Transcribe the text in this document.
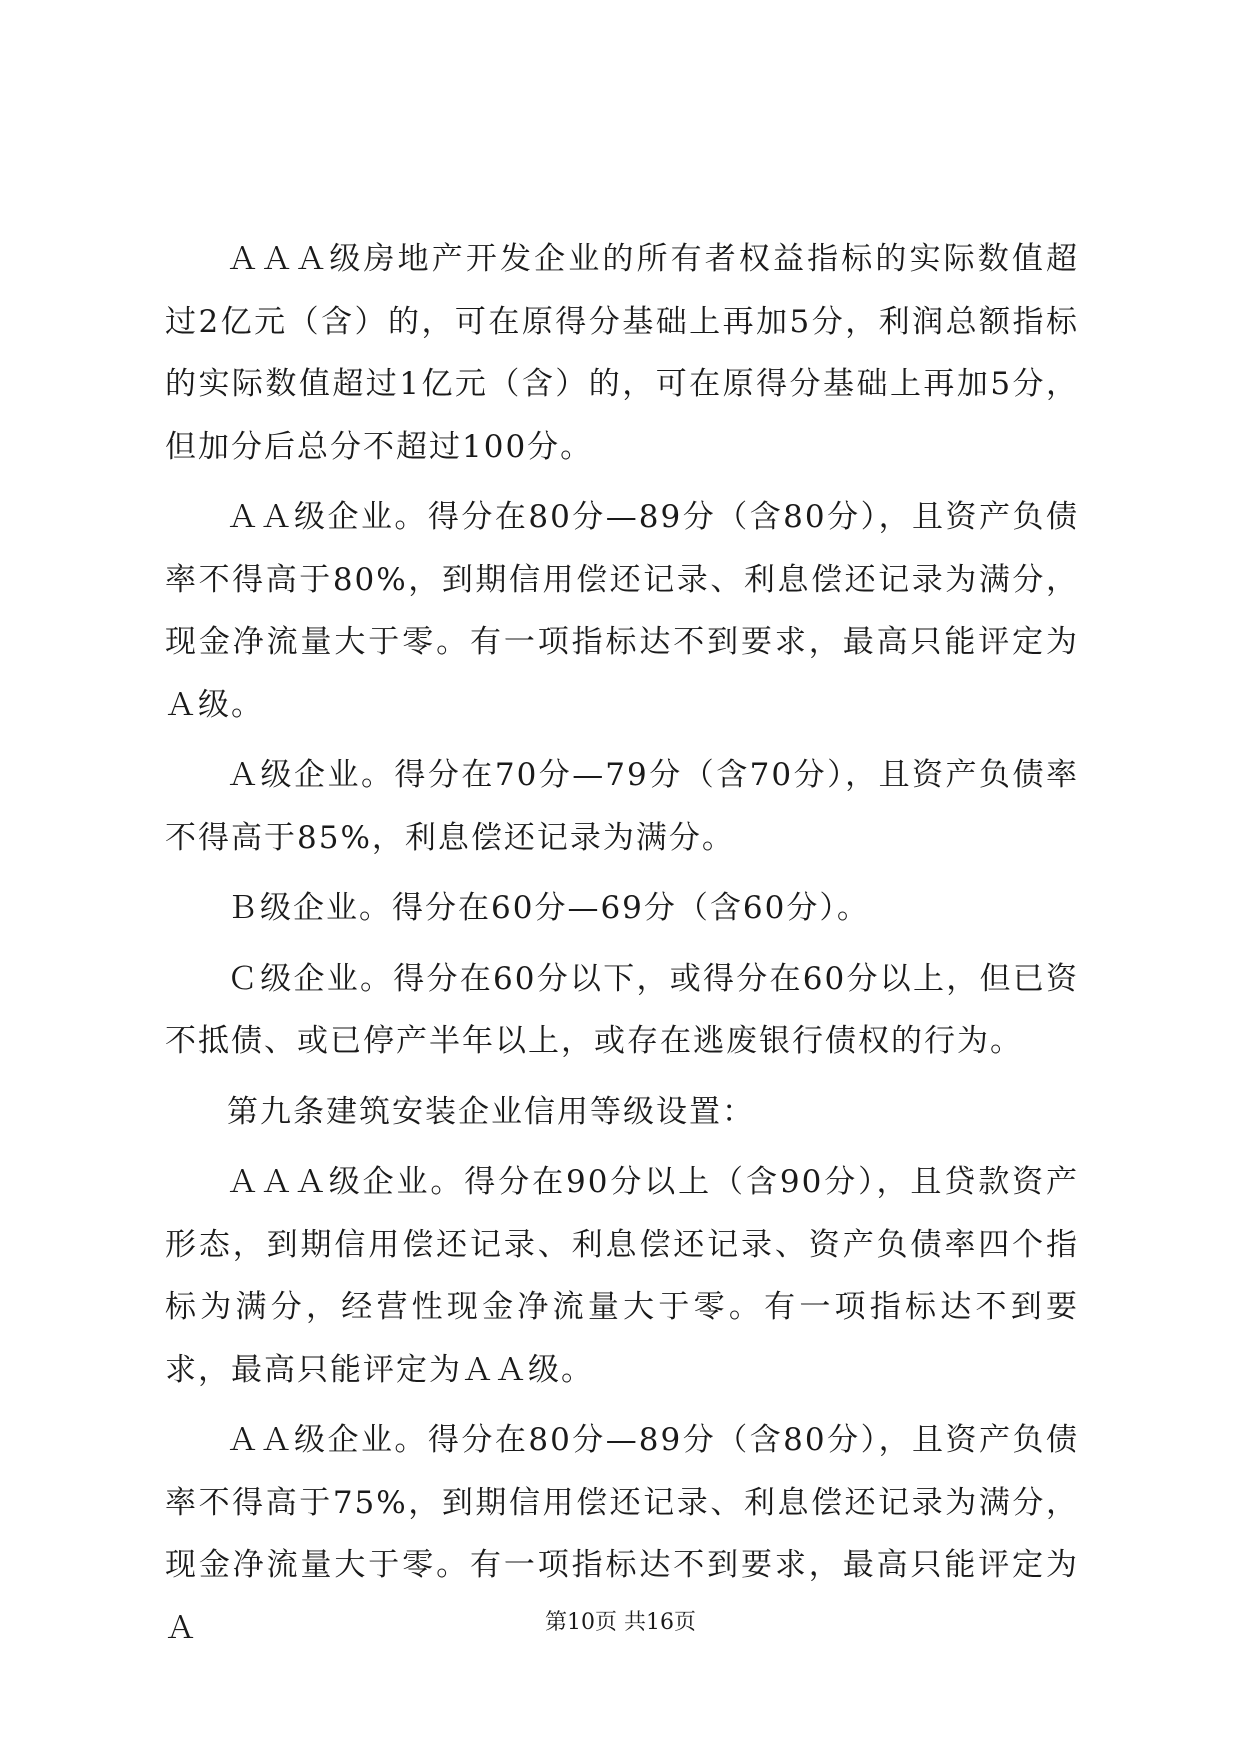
ＡＡＡ级房地产开发企业的所有者权益指标的实际数值超过2亿元（含）的，可在原得分基础上再加5分，利润总额指标的实际数值超过1亿元（含）的，可在原得分基础上再加5分，但加分后总分不超过100分。

ＡＡ级企业。得分在80分—89分（含80分），且资产负债率不得高于80%，到期信用偿还记录、利息偿还记录为满分，现金净流量大于零。有一项指标达不到要求，最高只能评定为Ａ级。

Ａ级企业。得分在70分—79分（含70分），且资产负债率不得高于85%，利息偿还记录为满分。

Ｂ级企业。得分在60分—69分（含60分）。

Ｃ级企业。得分在60分以下，或得分在60分以上，但已资不抵债、或已停产半年以上，或存在逃废银行债权的行为。

第九条建筑安装企业信用等级设置：

ＡＡＡ级企业。得分在90分以上（含90分），且贷款资产形态，到期信用偿还记录、利息偿还记录、资产负债率四个指标为满分，经营性现金净流量大于零。有一项指标达不到要求，最高只能评定为ＡＡ级。

ＡＡ级企业。得分在80分—89分（含80分），且资产负债率不得高于75%，到期信用偿还记录、利息偿还记录为满分，现金净流量大于零。有一项指标达不到要求，最高只能评定为Ａ	第10页 共16页
